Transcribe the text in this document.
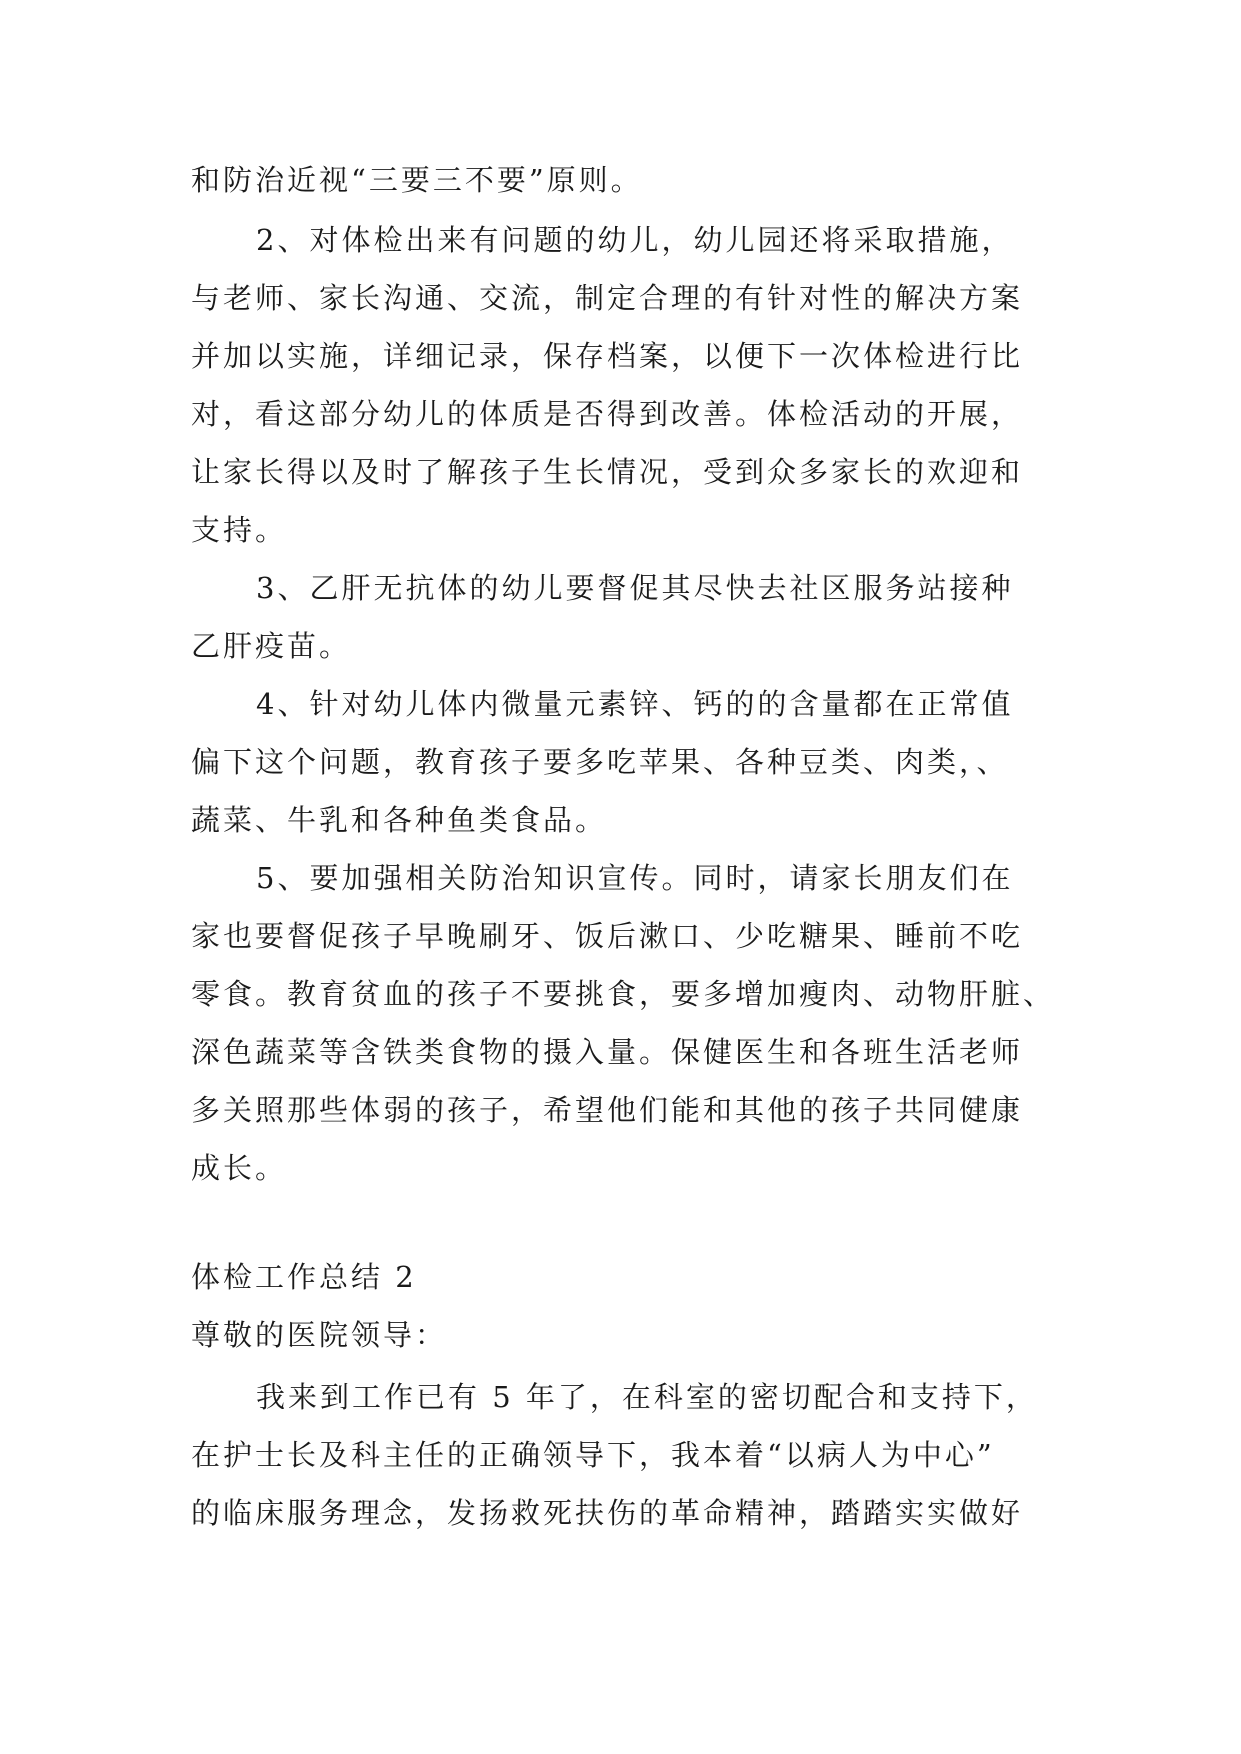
和防治近视“三要三不要”原则。
2、对体检出来有问题的幼儿，幼儿园还将采取措施，
与老师、家长沟通、交流，制定合理的有针对性的解决方案
并加以实施，详细记录，保存档案，以便下一次体检进行比
对，看这部分幼儿的体质是否得到改善。体检活动的开展，
让家长得以及时了解孩子生长情况，受到众多家长的欢迎和
支持。
3、乙肝无抗体的幼儿要督促其尽快去社区服务站接种
乙肝疫苗。
4、针对幼儿体内微量元素锌、钙的的含量都在正常值
偏下这个问题，教育孩子要多吃苹果、各种豆类、肉类，、
蔬菜、牛乳和各种鱼类食品。
5、要加强相关防治知识宣传。同时，请家长朋友们在
家也要督促孩子早晚刷牙、饭后漱口、少吃糖果、睡前不吃
零食。教育贫血的孩子不要挑食，要多增加瘦肉、动物肝脏、
深色蔬菜等含铁类食物的摄入量。保健医生和各班生活老师
多关照那些体弱的孩子，希望他们能和其他的孩子共同健康
成长。
体检工作总结 2
尊敬的医院领导：
我来到工作已有 5 年了，在科室的密切配合和支持下，
在护士长及科主任的正确领导下，我本着“以病人为中心”
的临床服务理念，发扬救死扶伤的革命精神，踏踏实实做好
